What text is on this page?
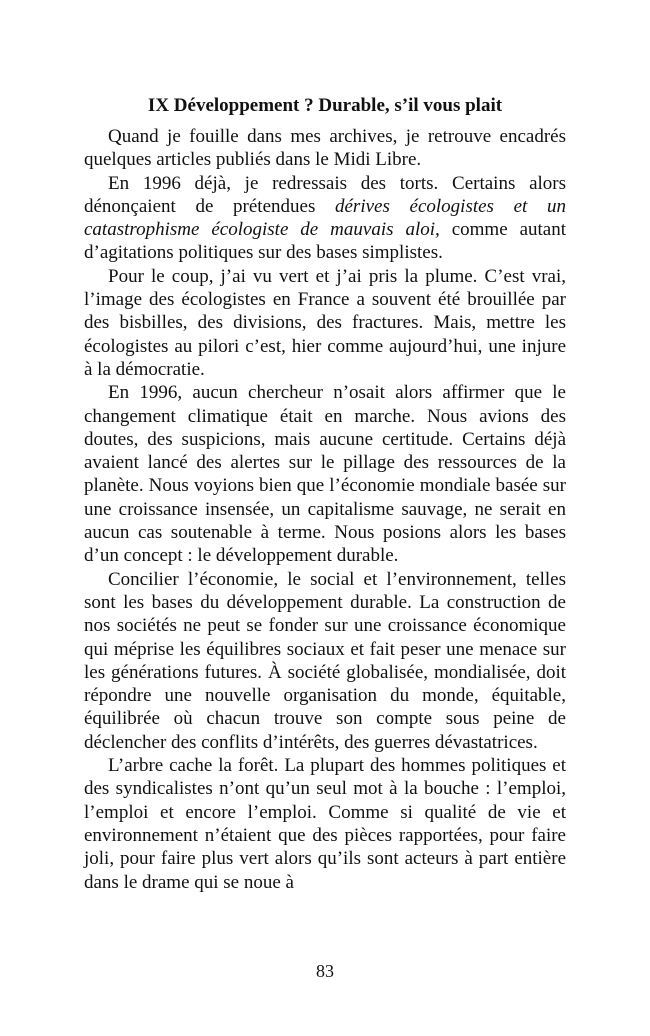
IX Développement ? Durable, s’il vous plait

Quand je fouille dans mes archives, je retrouve encadrés quelques articles publiés dans le Midi Libre.

En 1996 déjà, je redressais des torts. Certains alors dénonçaient de prétendues dérives écologistes et un catastrophisme écologiste de mauvais aloi, comme autant d’agitations politiques sur des bases simplistes.

Pour le coup, j’ai vu vert et j’ai pris la plume. C’est vrai, l’image des écologistes en France a souvent été brouillée par des bisbilles, des divisions, des fractures. Mais, mettre les écologistes au pilori c’est, hier comme aujourd’hui, une injure à la démocratie.

En 1996, aucun chercheur n’osait alors affirmer que le changement climatique était en marche. Nous avions des doutes, des suspicions, mais aucune certitude. Certains déjà avaient lancé des alertes sur le pillage des ressources de la planète. Nous voyions bien que l’économie mondiale basée sur une croissance insensée, un capitalisme sauvage, ne serait en aucun cas soutenable à terme. Nous posions alors les bases d’un concept : le développement durable.

Concilier l’économie, le social et l’environnement, telles sont les bases du développement durable. La construction de nos sociétés ne peut se fonder sur une croissance économique qui méprise les équilibres sociaux et fait peser une menace sur les générations futures. À société globalisée, mondialisée, doit répondre une nouvelle organisation du monde, équitable, équilibrée où chacun trouve son compte sous peine de déclencher des conflits d’intérêts, des guerres dévastatrices.

L’arbre cache la forêt. La plupart des hommes politiques et des syndicalistes n’ont qu’un seul mot à la bouche : l’emploi, l’emploi et encore l’emploi. Comme si qualité de vie et environnement n’étaient que des pièces rapportées, pour faire joli, pour faire plus vert alors qu’ils sont acteurs à part entière dans le drame qui se noue à

83
